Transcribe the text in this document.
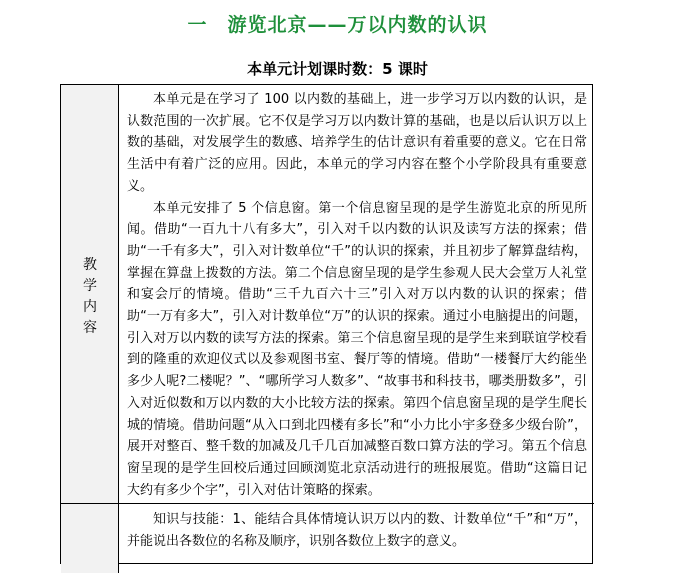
一　游览北京——万以内数的认识
本单元计划课时数：5 课时
教学内容

本单元是在学习了 100 以内数的基础上，进一步学习万以内数的认识，是认数范围的一次扩展。它不仅是学习万以内数计算的基础，也是以后认识万以上数的基础，对发展学生的数感、培养学生的估计意识有着重要的意义。它在日常生活中有着广泛的应用。因此，本单元的学习内容在整个小学阶段具有重要意义。

本单元安排了 5 个信息窗。第一个信息窗呈现的是学生游览北京的所见所闻。借助“一百九十八有多大”，引入对千以内数的认识及读写方法的探索；借助“一千有多大”，引入对计数单位“千”的认识的探索，并且初步了解算盘结构，掌握在算盘上拨数的方法。第二个信息窗呈现的是学生参观人民大会堂万人礼堂和宴会厅的情境。借助“三千九百六十三”引入对万以内数的认识的探索；借助“一万有多大”，引入对计数单位“万”的认识的探索。通过小电脑提出的问题，引入对万以内数的读写方法的探索。第三个信息窗呈现的是学生来到联谊学校看到的隆重的欢迎仪式以及参观图书室、餐厅等的情境。借助“一楼餐厅大约能坐多少人呢?二楼呢？”、“哪所学习人数多”、“故事书和科技书，哪类册数多”，引入对近似数和万以内数的大小比较方法的探索。第四个信息窗呈现的是学生爬长城的情境。借助问题“从入口到北四楼有多长”和“小力比小宇多登多少级台阶”，展开对整百、整千数的加减及几千几百加减整百数口算方法的学习。第五个信息窗呈现的是学生回校后通过回顾浏览北京活动进行的班报展览。借助“这篇日记大约有多少个字”，引入对估计策略的探索。

知识与技能：1、能结合具体情境认识万以内的数、计数单位“千”和“万”，并能说出各数位的名称及顺序，识别各数位上数字的意义。
